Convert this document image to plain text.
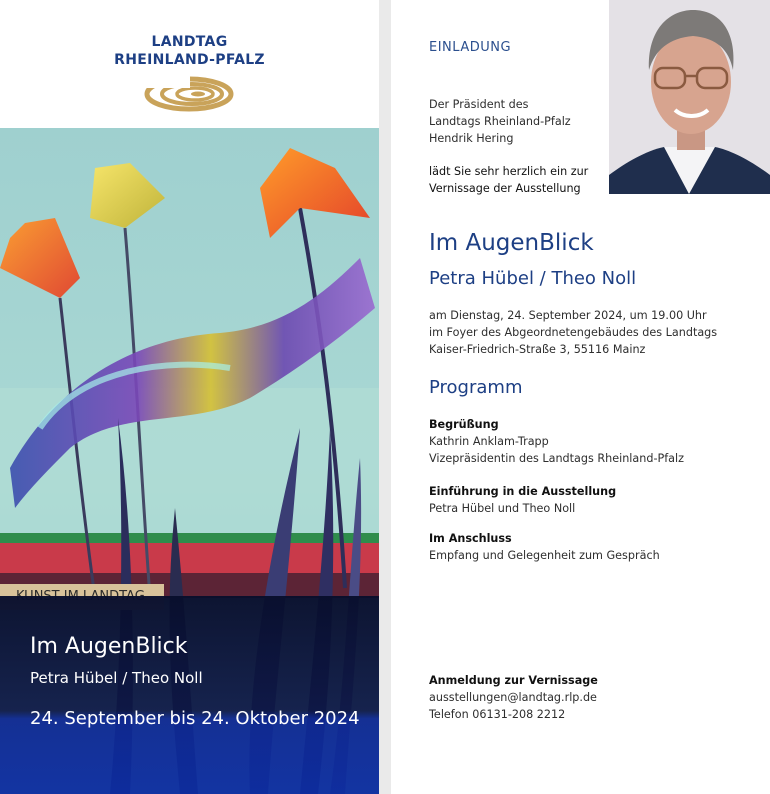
LANDTAG
RHEINLAND-PFALZ
Im AugenBlick
Petra Hübel / Theo Noll
24. September bis 24. Oktober 2024
EINLADUNG
Der Präsident des
Landtags Rheinland-Pfalz
Hendrik Hering
lädt Sie sehr herzlich ein zur
Vernissage der Ausstellung
Im AugenBlick
Petra Hübel / Theo Noll
am Dienstag, 24. September 2024, um 19.00 Uhr
im Foyer des Abgeordnetengebäudes des Landtags
Kaiser-Friedrich-Straße 3, 55116 Mainz
Programm
Begrüßung
Kathrin Anklam-Trapp
Vizepräsidentin des Landtags Rheinland-Pfalz
Einführung in die Ausstellung
Petra Hübel und Theo Noll
Im Anschluss
Empfang und Gelegenheit zum Gespräch
Anmeldung zur Vernissage
ausstellungen@landtag.rlp.de
Telefon 06131-208 2212
